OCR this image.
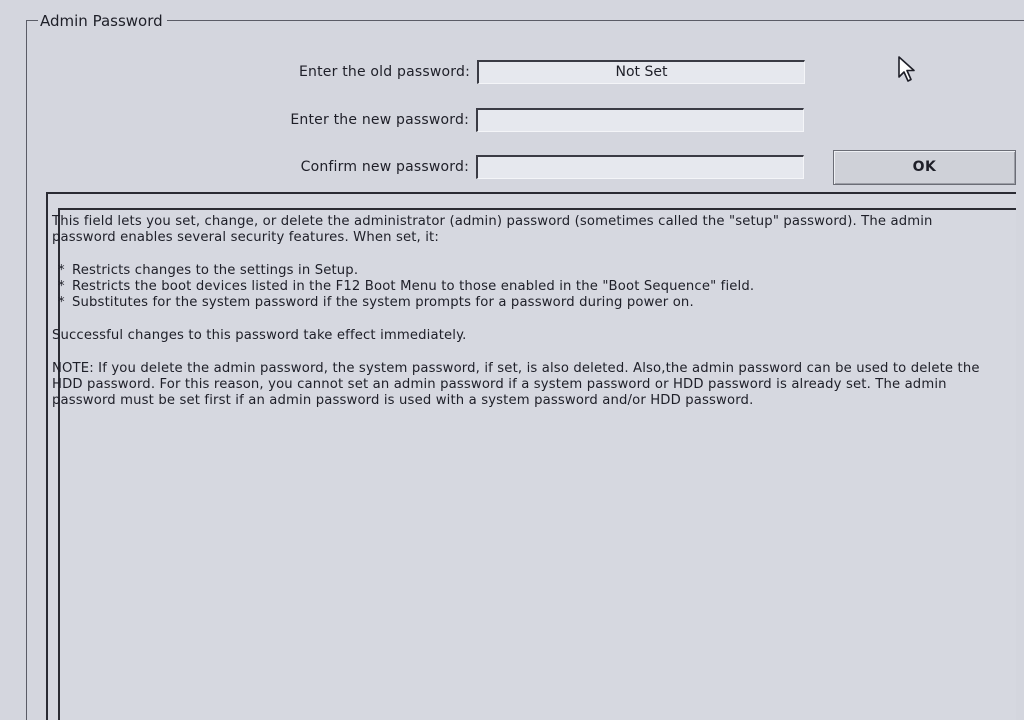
Admin Password
Enter the old password:	Not Set
Enter the new password:
Confirm new password:	OK

This field lets you set, change, or delete the administrator (admin) password (sometimes called the "setup" password). The admin password enables several security features. When set, it:

* Restricts changes to the settings in Setup.
* Restricts the boot devices listed in the F12 Boot Menu to those enabled in the "Boot Sequence" field.
* Substitutes for the system password if the system prompts for a password during power on.

Successful changes to this password take effect immediately.

NOTE: If you delete the admin password, the system password, if set, is also deleted. Also,the admin password can be used to delete the HDD password. For this reason, you cannot set an admin password if a system password or HDD password is already set. The admin password must be set first if an admin password is used with a system password and/or HDD password.
